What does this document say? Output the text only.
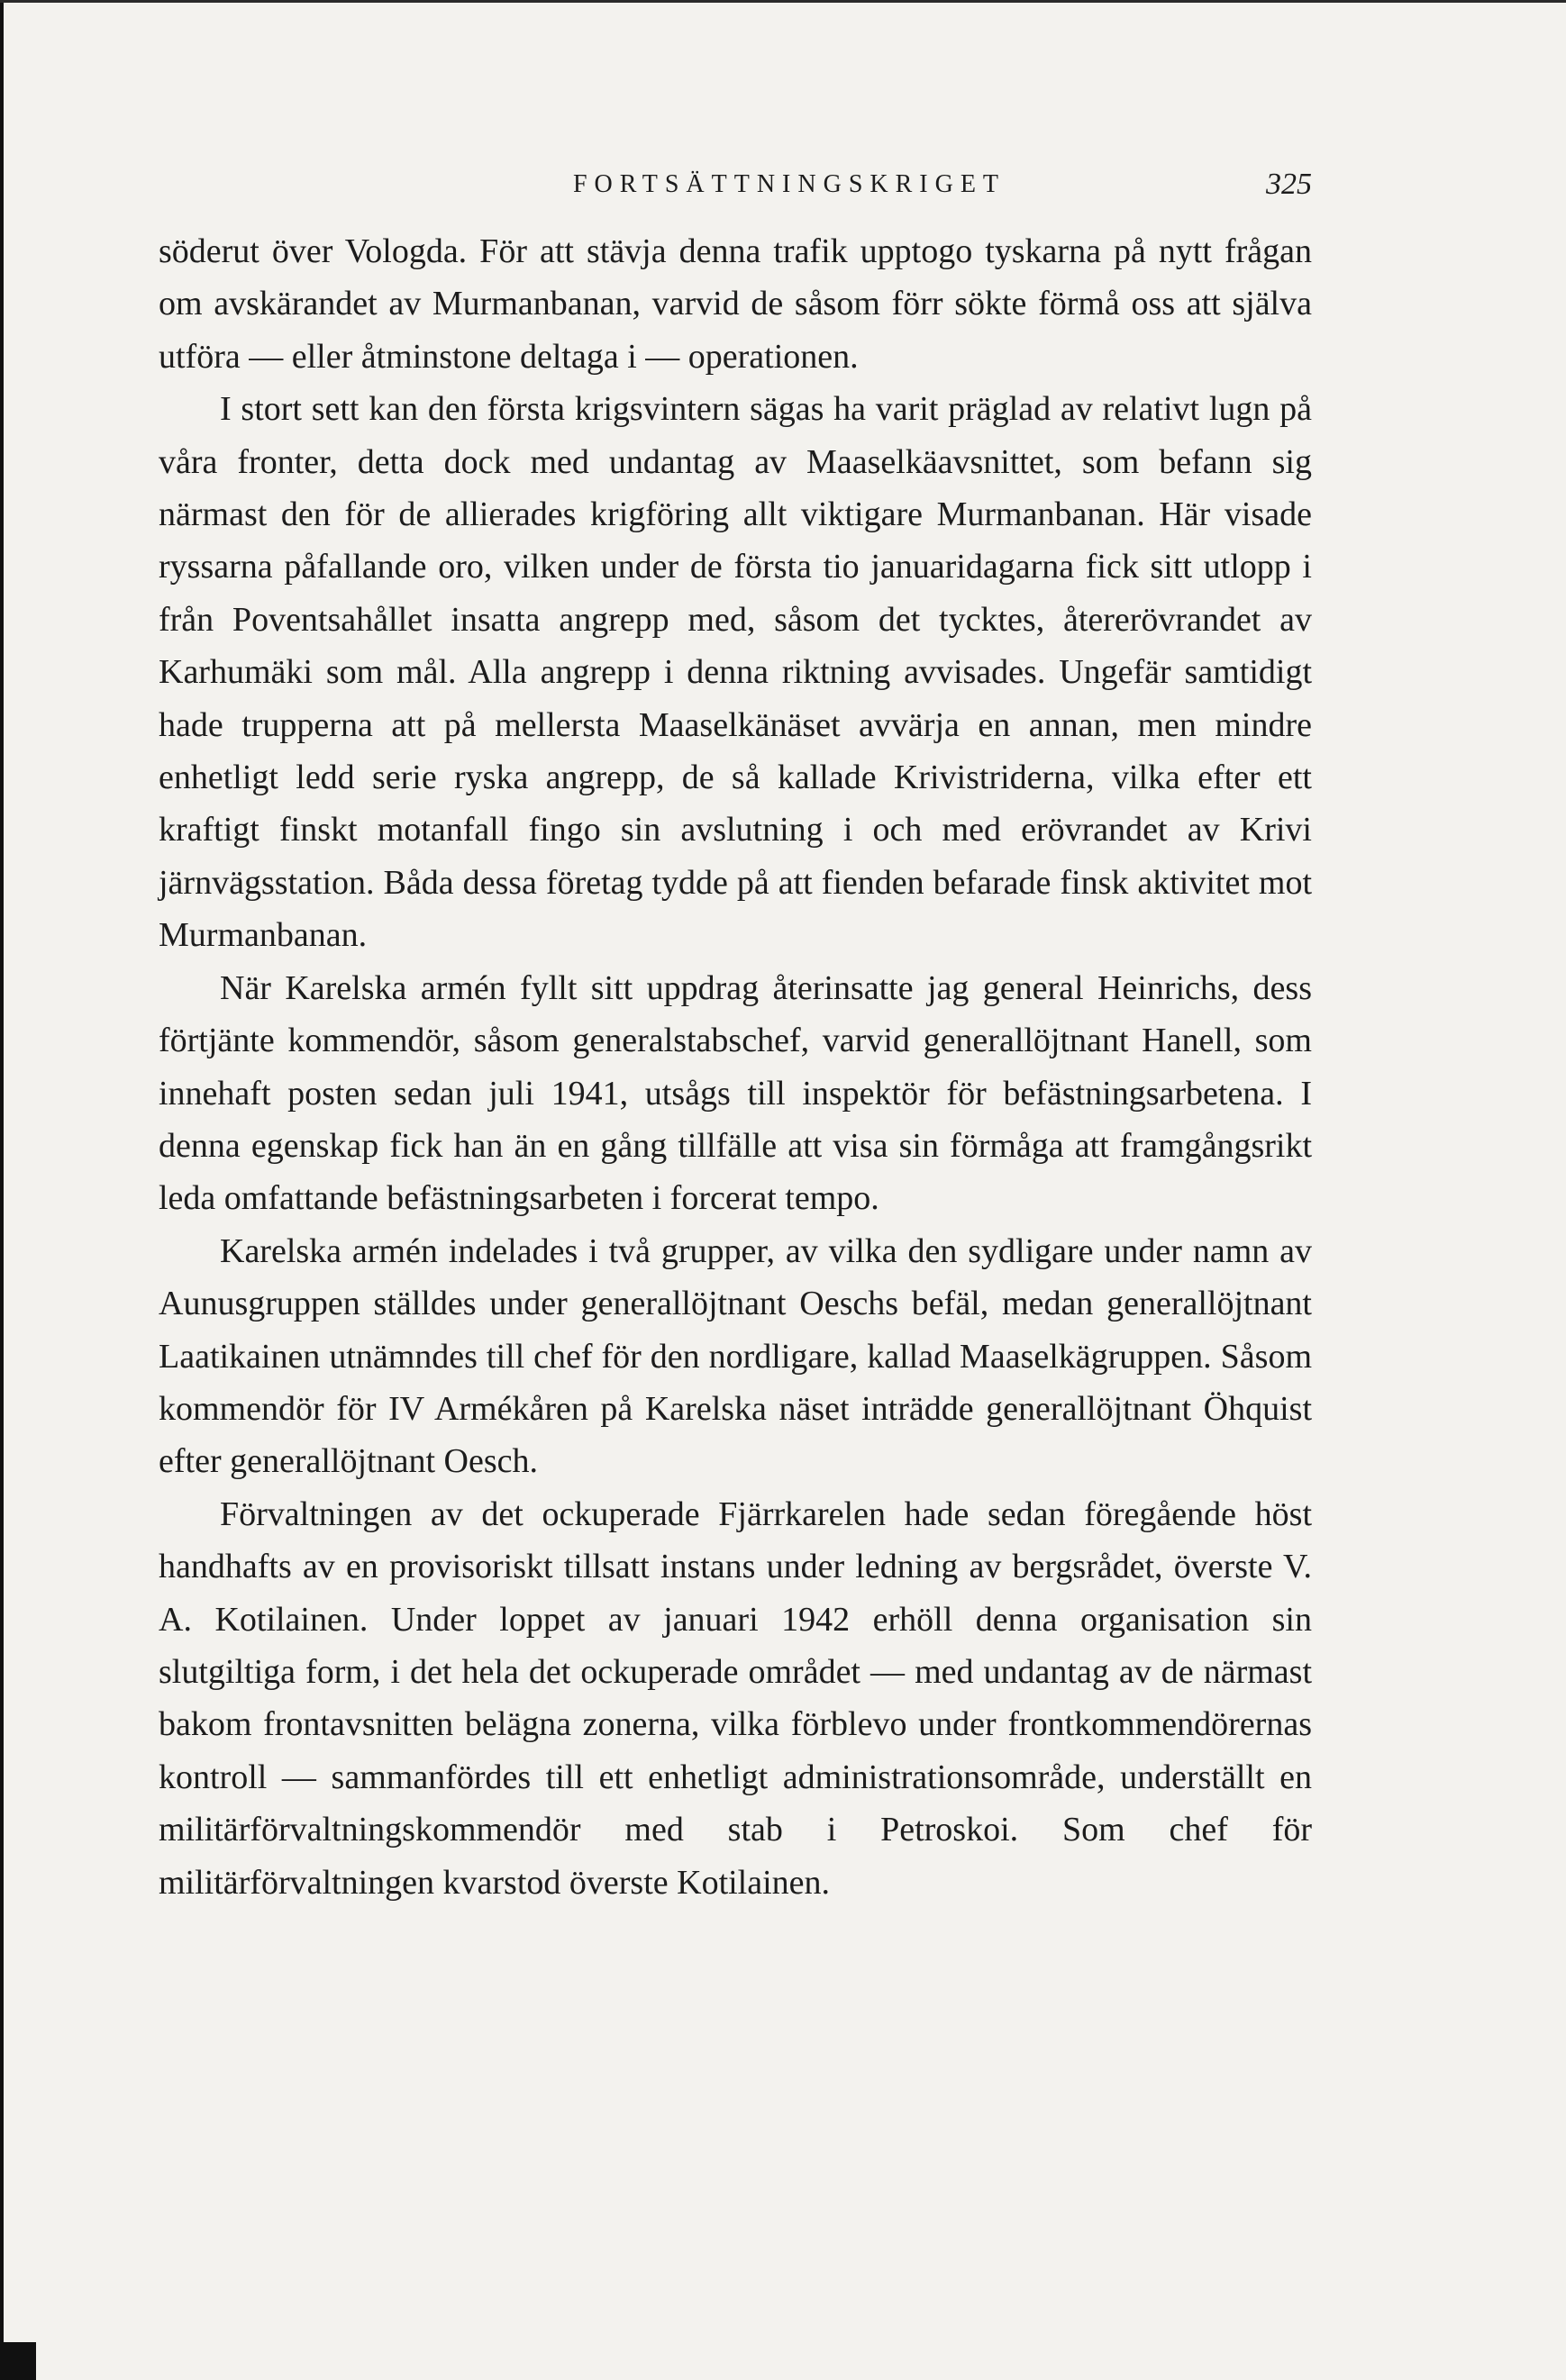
FORTSÄTTNINGSKRIGET	325

söderut över Vologda. För att stävja denna trafik upptogo tyskarna på nytt frågan om avskärandet av Murmanbanan, varvid de såsom förr sökte förmå oss att själva utföra — eller åtminstone deltaga i — operationen.

I stort sett kan den första krigsvintern sägas ha varit präglad av relativt lugn på våra fronter, detta dock med undantag av Maaselkäavsnittet, som befann sig närmast den för de allierades krigföring allt viktigare Murmanbanan. Här visade ryssarna påfallande oro, vilken under de första tio januaridagarna fick sitt utlopp i från Poventsahållet insatta angrepp med, såsom det tycktes, återerövrandet av Karhumäki som mål. Alla angrepp i denna riktning avvisades. Ungefär samtidigt hade trupperna att på mellersta Maaselkänäset avvärja en annan, men mindre enhetligt ledd serie ryska angrepp, de så kallade Krivistriderna, vilka efter ett kraftigt finskt motanfall fingo sin avslutning i och med erövrandet av Krivi järnvägsstation. Båda dessa företag tydde på att fienden befarade finsk aktivitet mot Murmanbanan.

När Karelska armén fyllt sitt uppdrag återinsatte jag general Heinrichs, dess förtjänte kommendör, såsom generalstabschef, varvid generallöjtnant Hanell, som innehaft posten sedan juli 1941, utsågs till inspektör för befästningsarbetena. I denna egenskap fick han än en gång tillfälle att visa sin förmåga att framgångsrikt leda omfattande befästningsarbeten i forcerat tempo.

Karelska armén indelades i två grupper, av vilka den sydligare under namn av Aunusgruppen ställdes under generallöjtnant Oeschs befäl, medan generallöjtnant Laatikainen utnämndes till chef för den nordligare, kallad Maaselkägruppen. Såsom kommendör för IV Armékåren på Karelska näset inträdde generallöjtnant Öhquist efter generallöjtnant Oesch.

Förvaltningen av det ockuperade Fjärrkarelen hade sedan föregående höst handhafts av en provisoriskt tillsatt instans under ledning av bergsrådet, överste V. A. Kotilainen. Under loppet av januari 1942 erhöll denna organisation sin slutgiltiga form, i det hela det ockuperade området — med undantag av de närmast bakom frontavsnitten belägna zonerna, vilka förblevo under frontkommendörernas kontroll — sammanfördes till ett enhetligt administrationsområde, underställt en militärförvaltningskommendör med stab i Petroskoi. Som chef för militärförvaltningen kvarstod överste Kotilainen.
